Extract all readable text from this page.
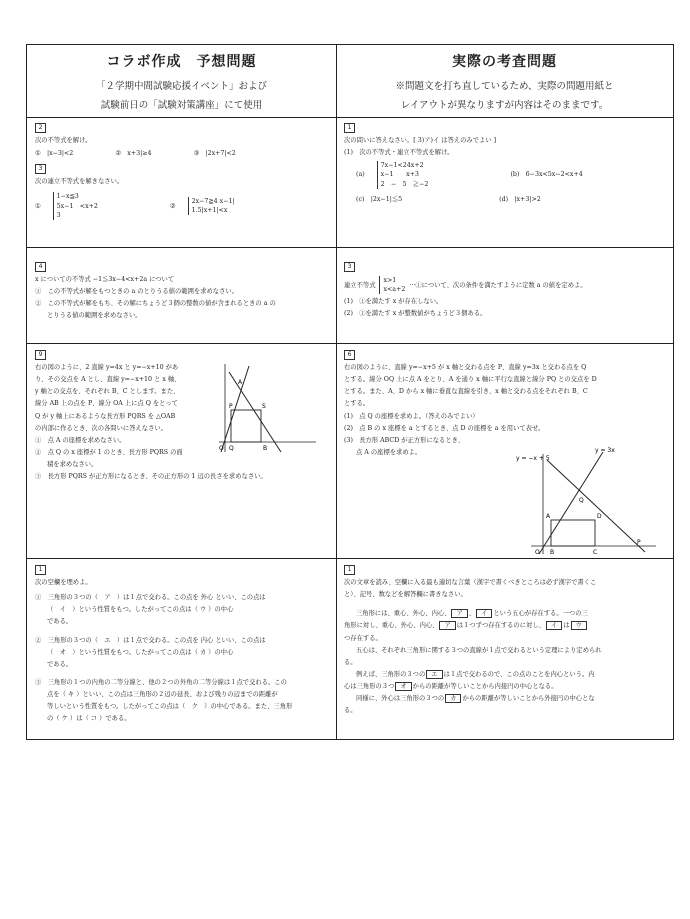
コラボ作成　予想問題
「２学期中間試験応援イベント」および
試験前日の「試験対策講座」にて使用
2
次の不等式を解け。
①　|x−3|<2	②　x+3|≥4	③　|2x+7|<2
3
次の連立不等式を解きなさい。
①
1−x≦3
5x−1　<x+2
3
②
2x−7≧4 x−1|
1.5|x+1|<x
4
x についての不等式 −1≦3x−4<x+2a について
①　この不等式が解をもつときの a のとりうる値の範囲を求めなさい。
②　この不等式が解をもち、その解にちょうど３個の整数の値が含まれるときの a の
とりうる値の範囲を求めなさい。
9
右の図のように、2 直線 y=4x と y=−x+10 があ
り、その交点を A とし、直線 y=−x+10 と x 軸、
y 軸との交点を、それぞれ B、C とします。また、
線分 AB 上の点を P、線分 OA 上に点 Q をとって
Q が y 軸上にあるような長方形 PQRS を △OAB
の内部に作るとき、次の各問いに答えなさい。
①　点 A の座標を求めなさい。
②　点 Q の x 座標が 1 のとき、長方形 PQRS の面
積を求めなさい。
③　長方形 PQRS が正方形になるとき、その正方形の 1 辺の長さを求めなさい。
A
O Q	B
P	S
1
次の空欄を埋めよ。
①　三角形の３つの（　ア　）は１点で交わる。この点を 外心 といい、この点は
（　イ　）という性質をもつ。したがってこの点は（ ウ ）の中心
である。
②　三角形の３つの（　エ　）は１点で交わる。この点を 内心 といい、この点は
（　オ　）という性質をもつ。したがってこの点は（ カ ）の中心
である。
③　三角形の１つの内角の二等分線と、他の２つの外角の二等分線は１点で交わる。この
点を（ キ ）といい、この点は三角形の２辺の延長、および残りの辺までの距離が
等しいという性質をもつ。したがってこの点は（　ク　）の中心である。また、三角形
の（ ケ ）は（ コ ）である。
実際の考査問題
※問題文を打ち直しているため、実際の問題用紙と
レイアウトが異なりますが内容はそのままです。
1
次の問いに答えなさい。[ 3)ア)イ は答えのみでよい ]
(1)　次の不等式・連立不等式を解け。
(a)
7x−1<24x+2
x−1　　x+3
2　−　5　≧−2
(b)　6−3x<5x−2<x+4
(c)　|2x−1|≦5	(d)　|x+3|>2
3
連立不等式
x>1
x<a+2
···①について、次の条件を満たすように定数 a の値を定めよ。
(1)　①を満たす x が存在しない。
(2)　①を満たす x が整数値がちょうど３個ある。
6
右の図のように、直線 y=−x+5 が x 軸と交わる点を P、直線 y=3x と交わる点を Q
とする。線分 OQ 上に点 A をとり、A を通り x 軸に平行な直線と線分 PQ との交点を D
とする。また、A、D から x 軸に垂直な直線を引き、x 軸と交わる点をそれぞれ B、C
とする。
(1)　点 Q の座標を求めよ。（答えのみでよい）
(2)　点 B の x 座標を a とするとき、点 D の座標を a を用いて表せ。
(3)　長方形 ABCD が正方形になるとき、
点 A の座標を求めよ。
y = −x + 5
y = 3x
Q
A	D
O B	C
P
1
次の文章を読み、空欄に入る最も適切な言葉（漢字で書くべきところは必ず漢字で書くこ
と）、記号、数などを解答欄に書きなさい。
三角形には、重心、外心、内心、 ア 、 イ という五心が存在する。一つの三
角形に対し、重心、外心、内心、 ア は１つずつ存在するのに対し、 イ は ウ
つ存在する。
五心は、それぞれ三角形に関する３つの直線が１点で交わるという定理により定められ
る。
例えば、三角形の３つの エ は１点で交わるので、この点のことを内心という。内
心は三角形の３つ オ からの距離が等しいことから内接円の中心となる。
同様に、外心は三角形の３つの カ からの距離が等しいことから外接円の中心とな
る。
